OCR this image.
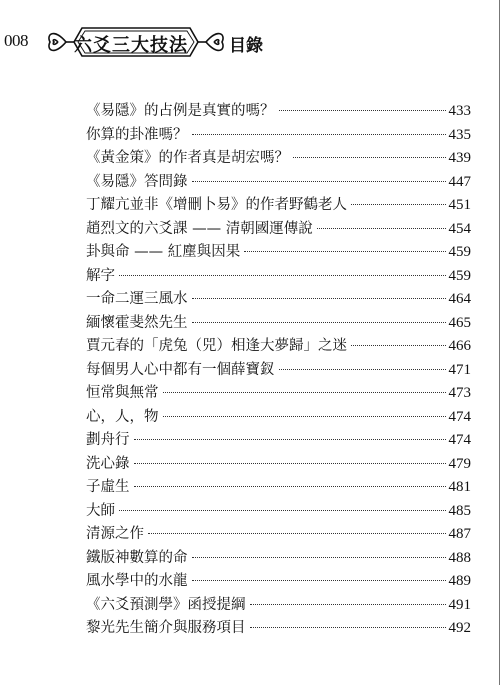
008	六爻三大技法 目錄
《易隱》的占例是真實的嗎？	433
你算的卦准嗎？	435
《黃金策》的作者真是胡宏嗎？	439
《易隱》答問錄	447
丁耀亢並非《增刪卜易》的作者野鶴老人	451
趙烈文的六爻課 —— 清朝國運傳說	454
卦與命 —— 紅塵與因果	459
解字	459
一命二運三風水	464
緬懷霍斐然先生	465
賈元春的「虎兔（兕）相逢大夢歸」之迷	466
每個男人心中都有一個薛寶釵	471
恒常與無常	473
心，人，物	474
劃舟行	474
洗心錄	479
子虛生	481
大師	485
清源之作	487
鐵版神數算的命	488
風水學中的水龍	489
《六爻預測學》函授提綱	491
黎光先生簡介與服務項目	492
